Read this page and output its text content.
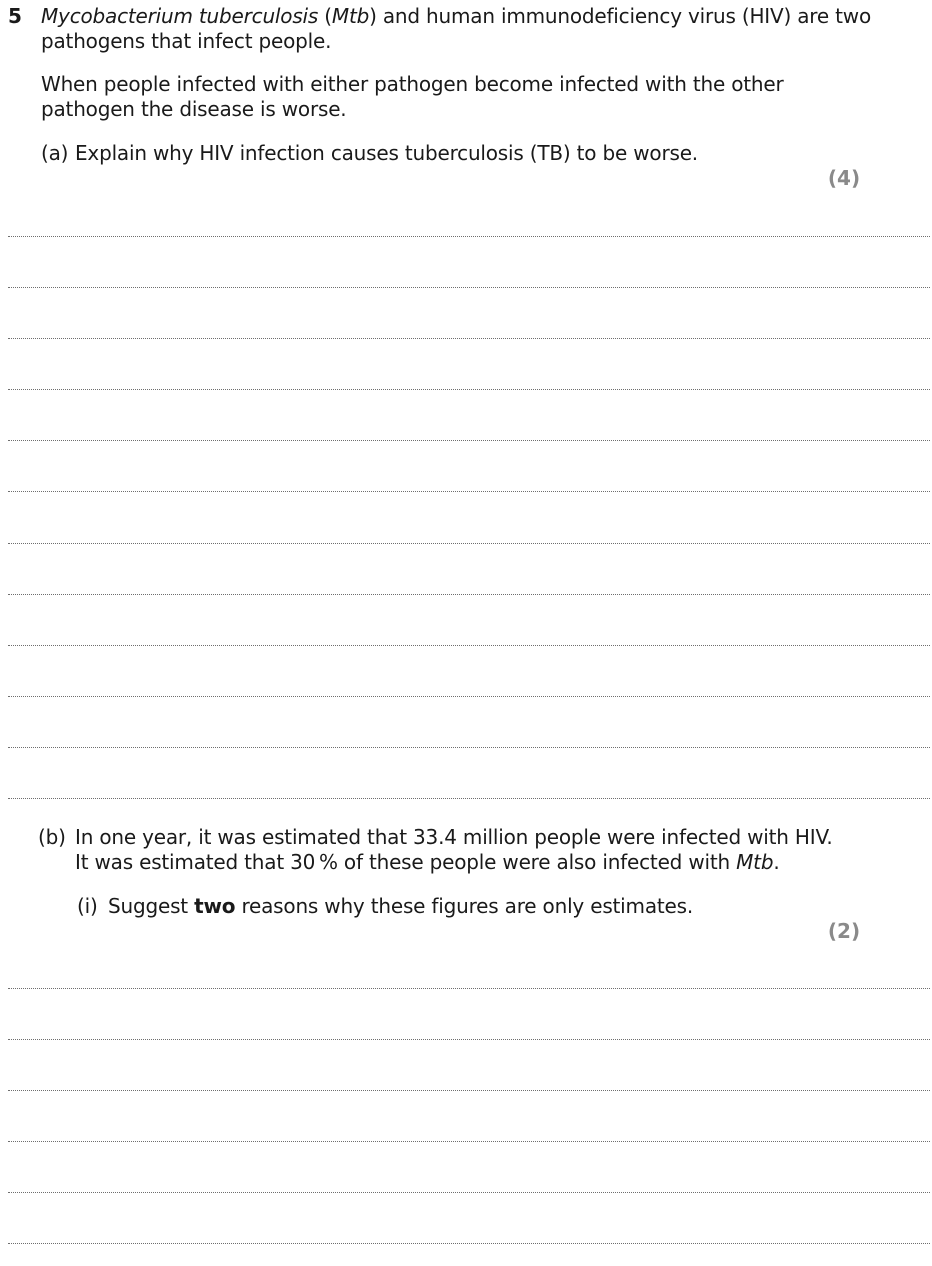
5 Mycobacterium tuberculosis (Mtb) and human immunodeficiency virus (HIV) are two
pathogens that infect people.
When people infected with either pathogen become infected with the other
pathogen the disease is worse.
(a) Explain why HIV infection causes tuberculosis (TB) to be worse.
(4)
(b) In one year, it was estimated that 33.4 million people were infected with HIV.
It was estimated that 30 % of these people were also infected with Mtb.
(i) Suggest two reasons why these figures are only estimates.
(2)
